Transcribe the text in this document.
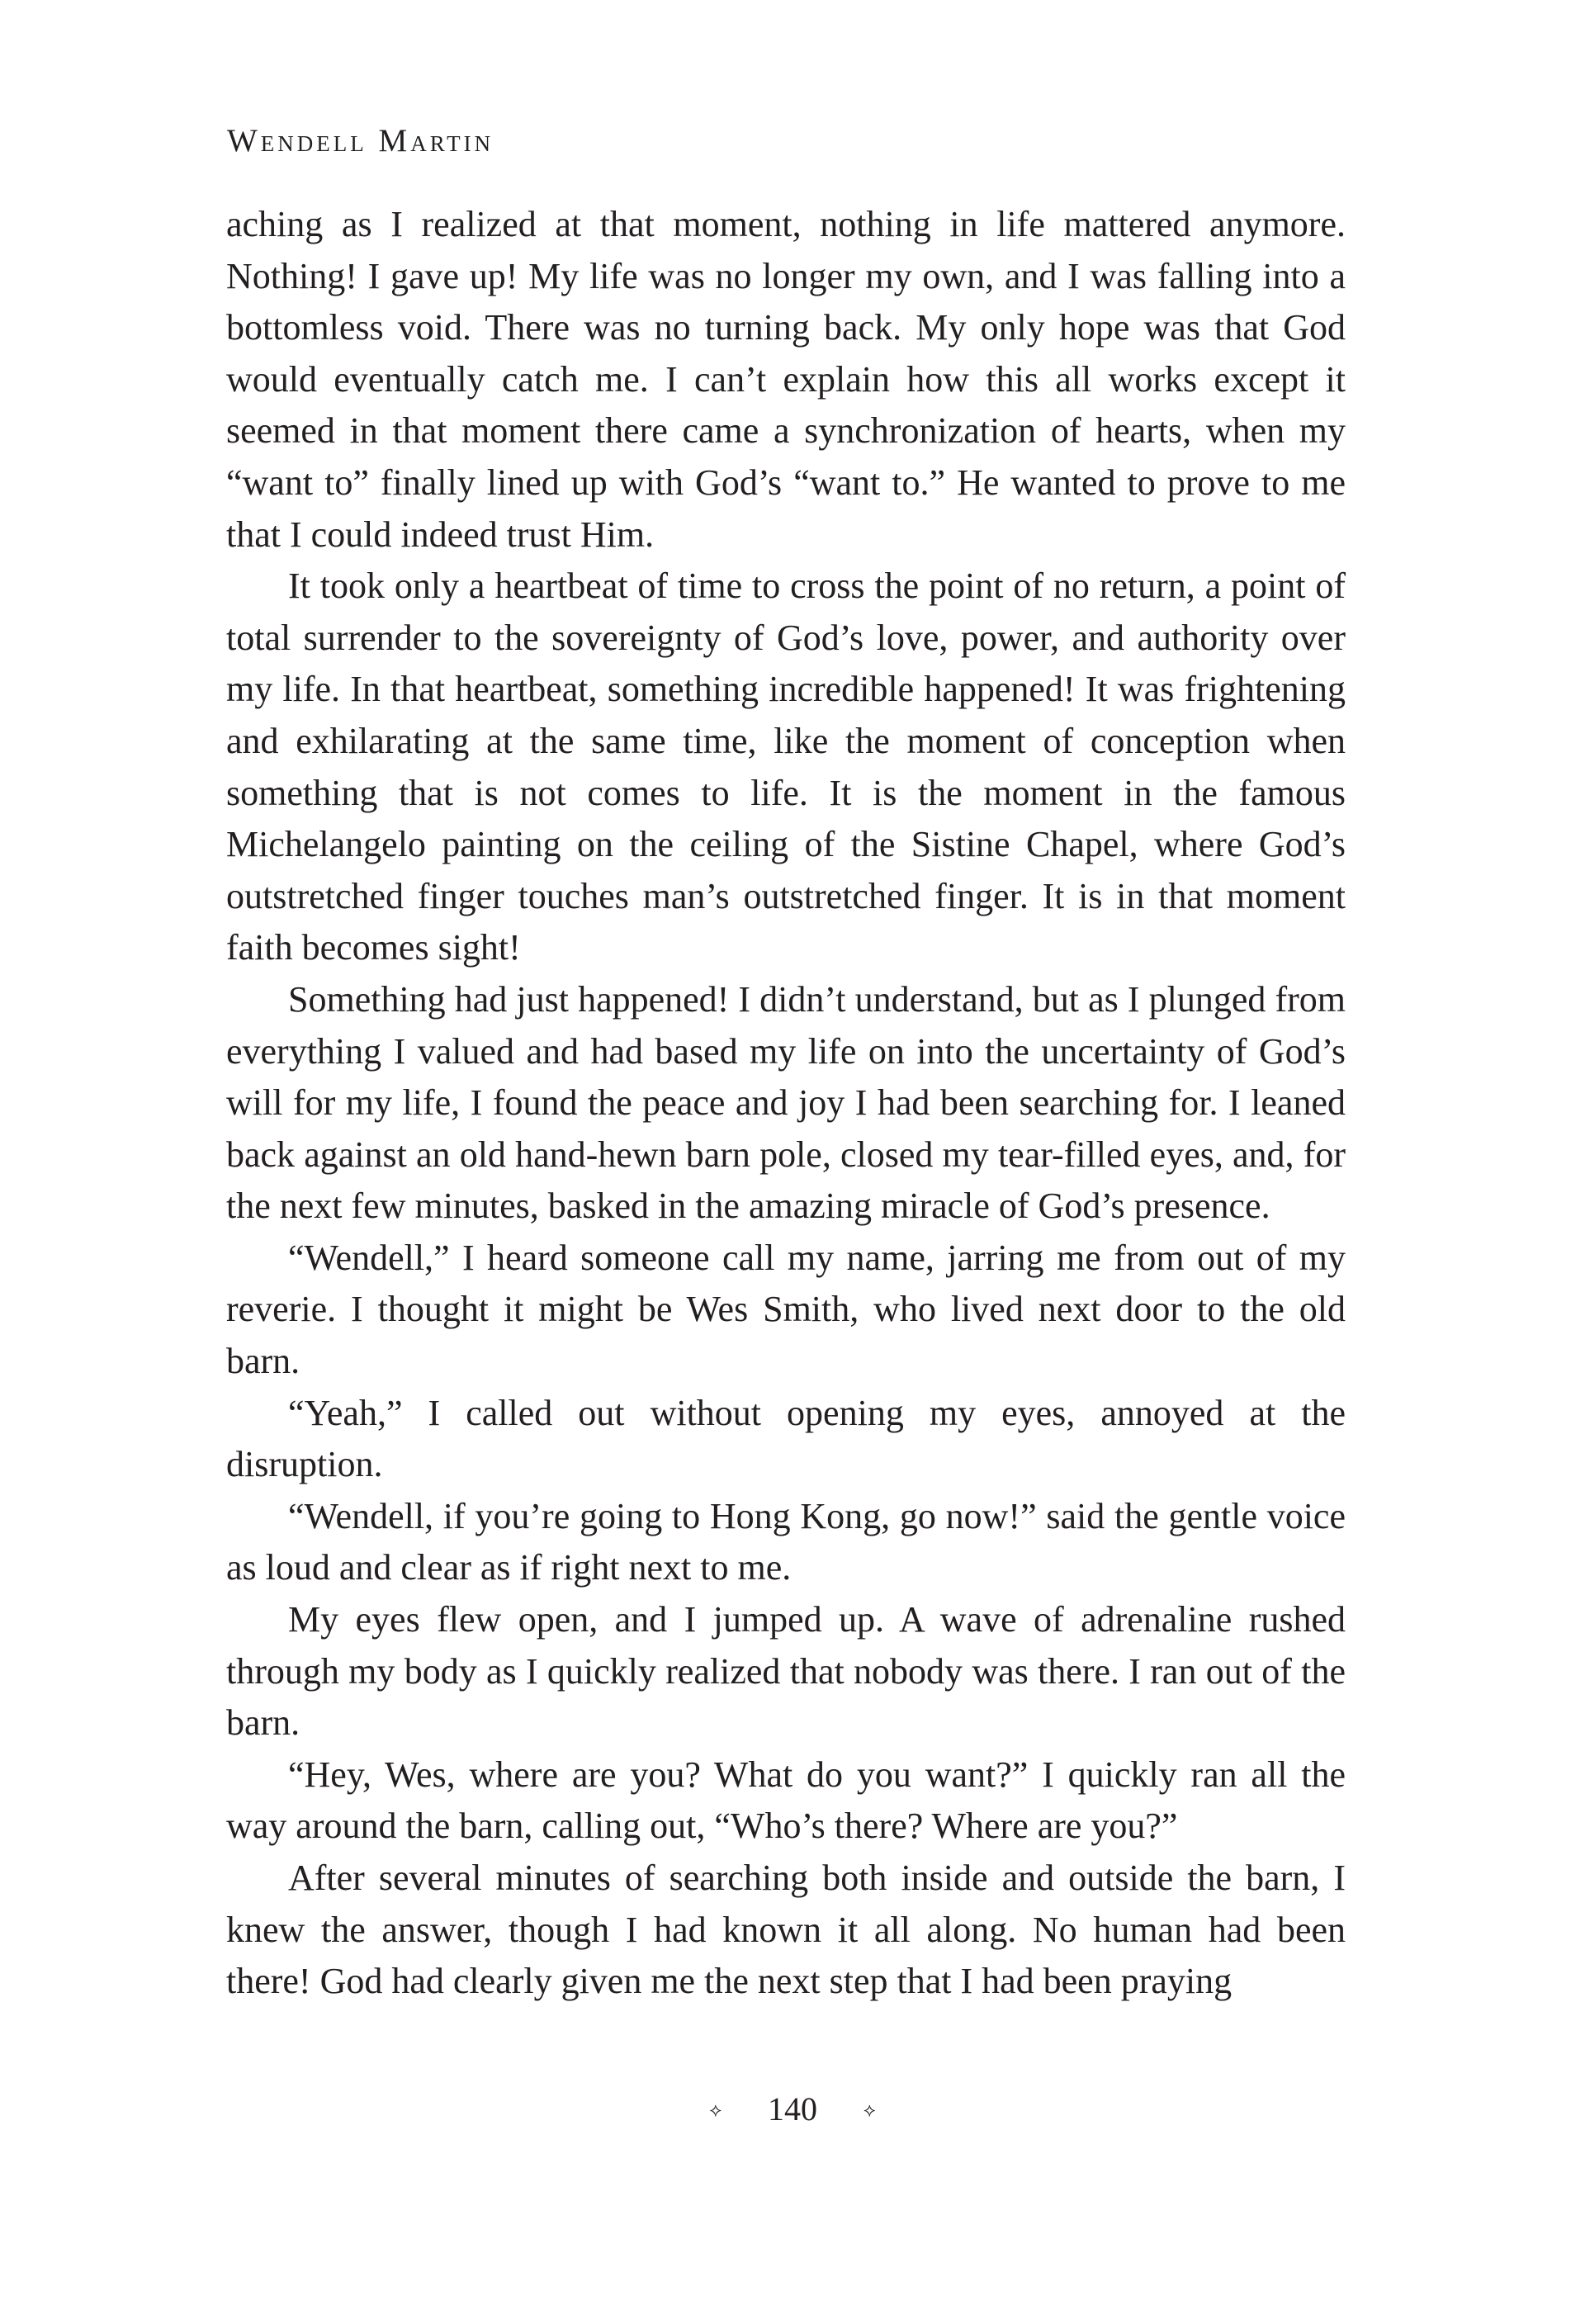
Wendell Martin

aching as I realized at that moment, nothing in life mattered anymore. Nothing! I gave up! My life was no longer my own, and I was falling into a bottomless void. There was no turning back. My only hope was that God would eventually catch me. I can’t explain how this all works except it seemed in that moment there came a synchronization of hearts, when my “want to” finally lined up with God’s “want to.” He wanted to prove to me that I could indeed trust Him.

It took only a heartbeat of time to cross the point of no return, a point of total surrender to the sovereignty of God’s love, power, and authority over my life. In that heartbeat, something incredible happened! It was frightening and exhilarating at the same time, like the moment of conception when something that is not comes to life. It is the moment in the famous Michelangelo painting on the ceiling of the Sistine Chapel, where God’s outstretched finger touches man’s outstretched finger. It is in that moment faith becomes sight!

Something had just happened! I didn’t understand, but as I plunged from everything I valued and had based my life on into the uncertainty of God’s will for my life, I found the peace and joy I had been searching for. I leaned back against an old hand-hewn barn pole, closed my tear-filled eyes, and, for the next few minutes, basked in the amazing miracle of God’s presence.

“Wendell,” I heard someone call my name, jarring me from out of my reverie. I thought it might be Wes Smith, who lived next door to the old barn.

“Yeah,” I called out without opening my eyes, annoyed at the disruption.

“Wendell, if you’re going to Hong Kong, go now!” said the gentle voice as loud and clear as if right next to me.

My eyes flew open, and I jumped up. A wave of adrenaline rushed through my body as I quickly realized that nobody was there. I ran out of the barn.

“Hey, Wes, where are you? What do you want?” I quickly ran all the way around the barn, calling out, “Who’s there? Where are you?”

After several minutes of searching both inside and outside the barn, I knew the answer, though I had known it all along. No human had been there! God had clearly given me the next step that I had been praying

⟡ 140	⟡
